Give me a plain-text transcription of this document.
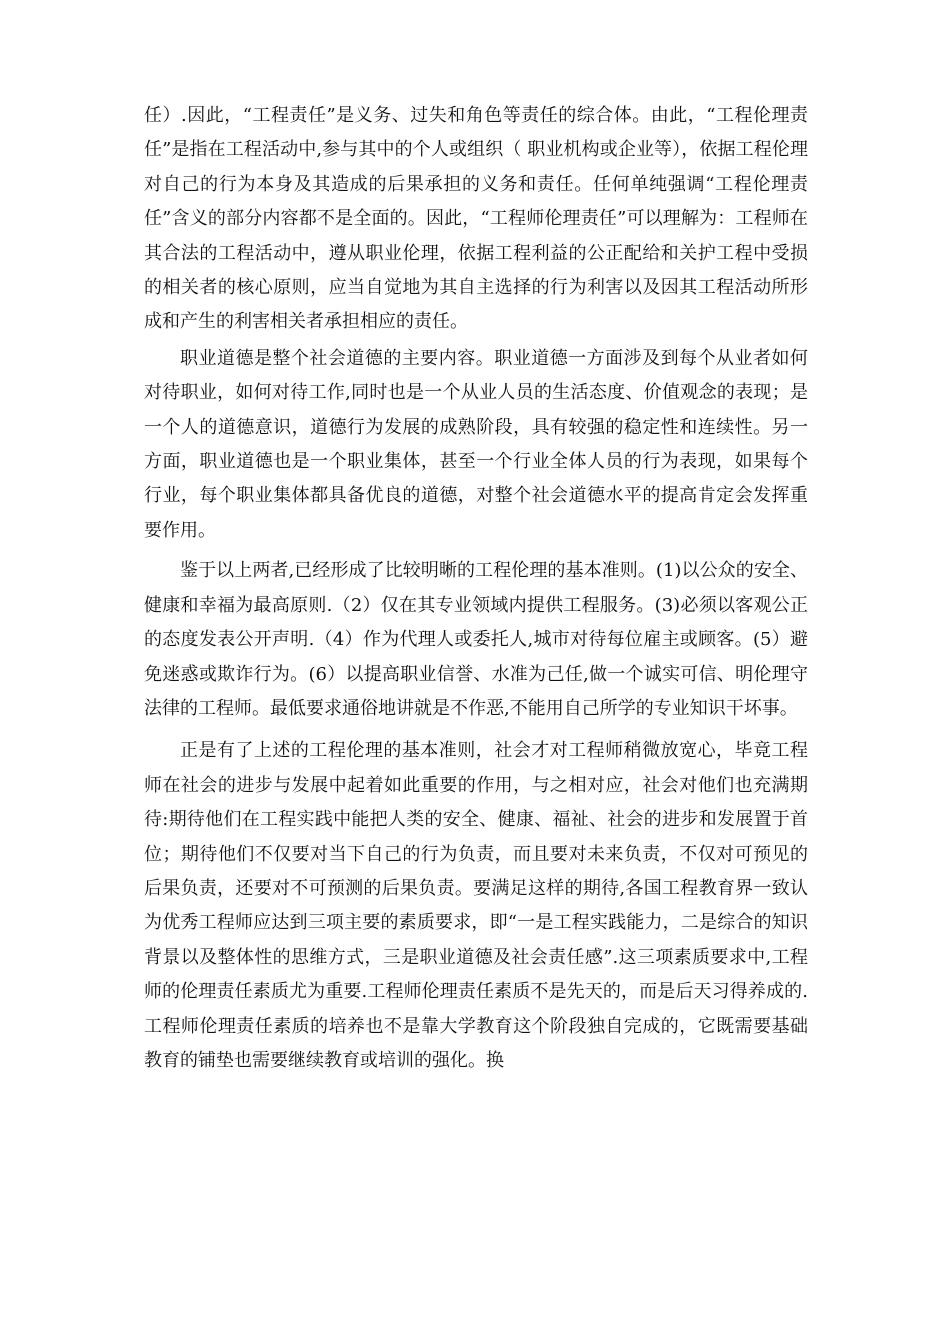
任）.因此，“工程责任”是义务、过失和角色等责任的综合体。由此，“工程伦理责任”是指在工程活动中,参与其中的个人或组织（ 职业机构或企业等），依据工程伦理对自己的行为本身及其造成的后果承担的义务和责任。任何单纯强调“工程伦理责任”含义的部分内容都不是全面的。因此，“工程师伦理责任”可以理解为：工程师在其合法的工程活动中，遵从职业伦理，依据工程利益的公正配给和关护工程中受损的相关者的核心原则，应当自觉地为其自主选择的行为利害以及因其工程活动所形成和产生的利害相关者承担相应的责任。

职业道德是整个社会道德的主要内容。职业道德一方面涉及到每个从业者如何对待职业，如何对待工作,同时也是一个从业人员的生活态度、价值观念的表现；是一个人的道德意识，道德行为发展的成熟阶段，具有较强的稳定性和连续性。另一方面，职业道德也是一个职业集体，甚至一个行业全体人员的行为表现，如果每个行业，每个职业集体都具备优良的道德，对整个社会道德水平的提高肯定会发挥重要作用。

鉴于以上两者,已经形成了比较明晰的工程伦理的基本准则。(1)以公众的安全、健康和幸福为最高原则.（2）仅在其专业领域内提供工程服务。(3)必须以客观公正的态度发表公开声明.（4）作为代理人或委托人,城市对待每位雇主或顾客。(5）避免迷惑或欺诈行为。(6）以提高职业信誉、水准为己任,做一个诚实可信、明伦理守法律的工程师。最低要求通俗地讲就是不作恶,不能用自己所学的专业知识干坏事。

正是有了上述的工程伦理的基本准则，社会才对工程师稍微放宽心，毕竟工程师在社会的进步与发展中起着如此重要的作用，与之相对应，社会对他们也充满期待:期待他们在工程实践中能把人类的安全、健康、福祉、社会的进步和发展置于首位；期待他们不仅要对当下自己的行为负责，而且要对未来负责，不仅对可预见的后果负责，还要对不可预测的后果负责。要满足这样的期待,各国工程教育界一致认为优秀工程师应达到三项主要的素质要求，即“一是工程实践能力，二是综合的知识背景以及整体性的思维方式，三是职业道德及社会责任感”.这三项素质要求中,工程师的伦理责任素质尤为重要.工程师伦理责任素质不是先天的，而是后天习得养成的.工程师伦理责任素质的培养也不是靠大学教育这个阶段独自完成的，它既需要基础教育的铺垫也需要继续教育或培训的强化。换
